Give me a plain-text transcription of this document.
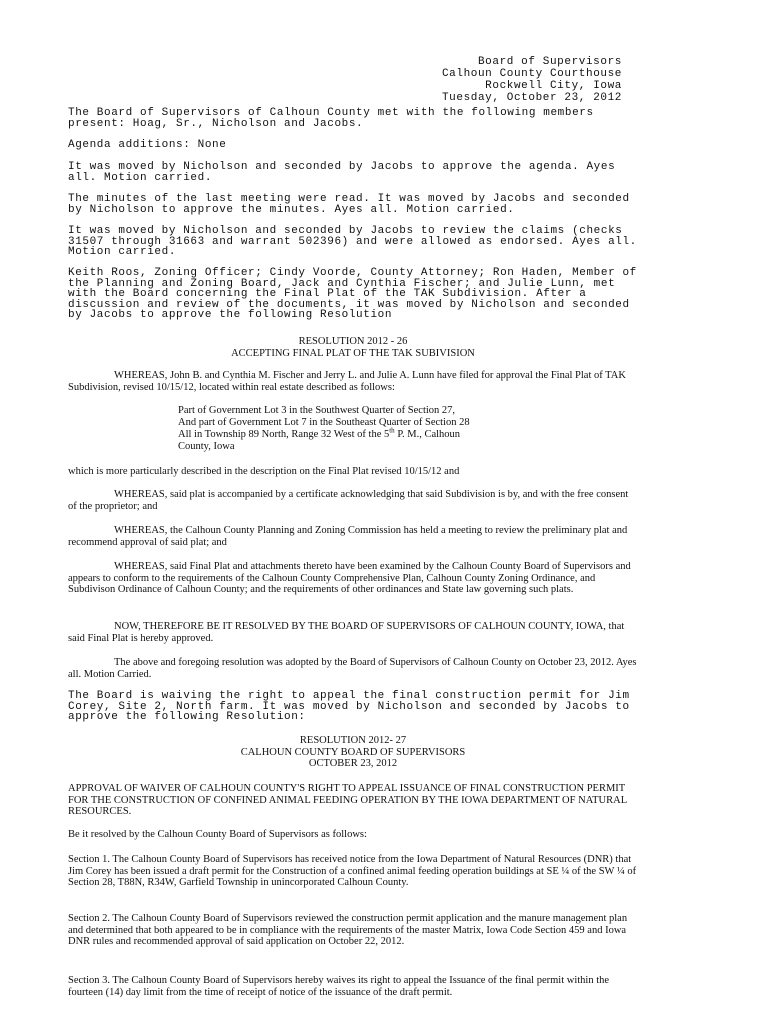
Board of Supervisors
Calhoun County Courthouse
Rockwell City, Iowa
Tuesday, October 23, 2012

The Board of Supervisors of Calhoun County met with the following members present: Hoag, Sr., Nicholson and Jacobs.

Agenda additions: None

It was moved by Nicholson and seconded by Jacobs to approve the agenda. Ayes all. Motion carried.

The minutes of the last meeting were read. It was moved by Jacobs and seconded by Nicholson to approve the minutes. Ayes all. Motion carried.

It was moved by Nicholson and seconded by Jacobs to review the claims (checks 31507 through 31663 and warrant 502396) and were allowed as endorsed. Ayes all. Motion carried.

Keith Roos, Zoning Officer; Cindy Voorde, County Attorney; Ron Haden, Member of the Planning and Zoning Board, Jack and Cynthia Fischer; and Julie Lunn, met with the Board concerning the Final Plat of the TAK Subdivision. After a discussion and review of the documents, it was moved by Nicholson and seconded by Jacobs to approve the following Resolution

RESOLUTION 2012 - 26
ACCEPTING FINAL PLAT OF THE TAK SUBIVISION

WHEREAS, John B. and Cynthia M. Fischer and Jerry L. and Julie A. Lunn have filed for approval the Final Plat of TAK Subdivision, revised 10/15/12, located within real estate described as follows:

Part of Government Lot 3 in the Southwest Quarter of Section 27,
And part of Government Lot 7 in the Southeast Quarter of Section 28
All in Township 89 North, Range 32 West of the 5th P. M., Calhoun
County, Iowa

which is more particularly described in the description on the Final Plat revised 10/15/12 and

WHEREAS, said plat is accompanied by a certificate acknowledging that said Subdivision is by, and with the free consent of the proprietor; and

WHEREAS, the Calhoun County Planning and Zoning Commission has held a meeting to review the preliminary plat and recommend approval of said plat; and

WHEREAS, said Final Plat and attachments thereto have been examined by the Calhoun County Board of Supervisors and appears to conform to the requirements of the Calhoun County Comprehensive Plan, Calhoun County Zoning Ordinance, and Subdivison Ordinance of Calhoun County; and the requirements of other ordinances and State law governing such plats.

NOW, THEREFORE BE IT RESOLVED BY THE BOARD OF SUPERVISORS OF CALHOUN COUNTY, IOWA, that said Final Plat is hereby approved.

The above and foregoing resolution was adopted by the Board of Supervisors of Calhoun County on October 23, 2012. Ayes all. Motion Carried.

The Board is waiving the right to appeal the final construction permit for Jim Corey, Site 2, North farm. It was moved by Nicholson and seconded by Jacobs to approve the following Resolution:

RESOLUTION 2012- 27
CALHOUN COUNTY BOARD OF SUPERVISORS
OCTOBER 23, 2012

APPROVAL OF WAIVER OF CALHOUN COUNTY'S RIGHT TO APPEAL ISSUANCE OF FINAL CONSTRUCTION PERMIT FOR THE CONSTRUCTION OF CONFINED ANIMAL FEEDING OPERATION BY THE IOWA DEPARTMENT OF NATURAL RESOURCES.

Be it resolved by the Calhoun County Board of Supervisors as follows:

Section 1. The Calhoun County Board of Supervisors has received notice from the Iowa Department of Natural Resources (DNR) that Jim Corey has been issued a draft permit for the Construction of a confined animal feeding operation buildings at SE ¼ of the SW ¼ of Section 28, T88N, R34W, Garfield Township in unincorporated Calhoun County.

Section 2. The Calhoun County Board of Supervisors reviewed the construction permit application and the manure management plan and determined that both appeared to be in compliance with the requirements of the master Matrix, Iowa Code Section 459 and Iowa DNR rules and recommended approval of said application on October 22, 2012.

Section 3. The Calhoun County Board of Supervisors hereby waives its right to appeal the Issuance of the final permit within the fourteen (14) day limit from the time of receipt of notice of the issuance of the draft permit.
